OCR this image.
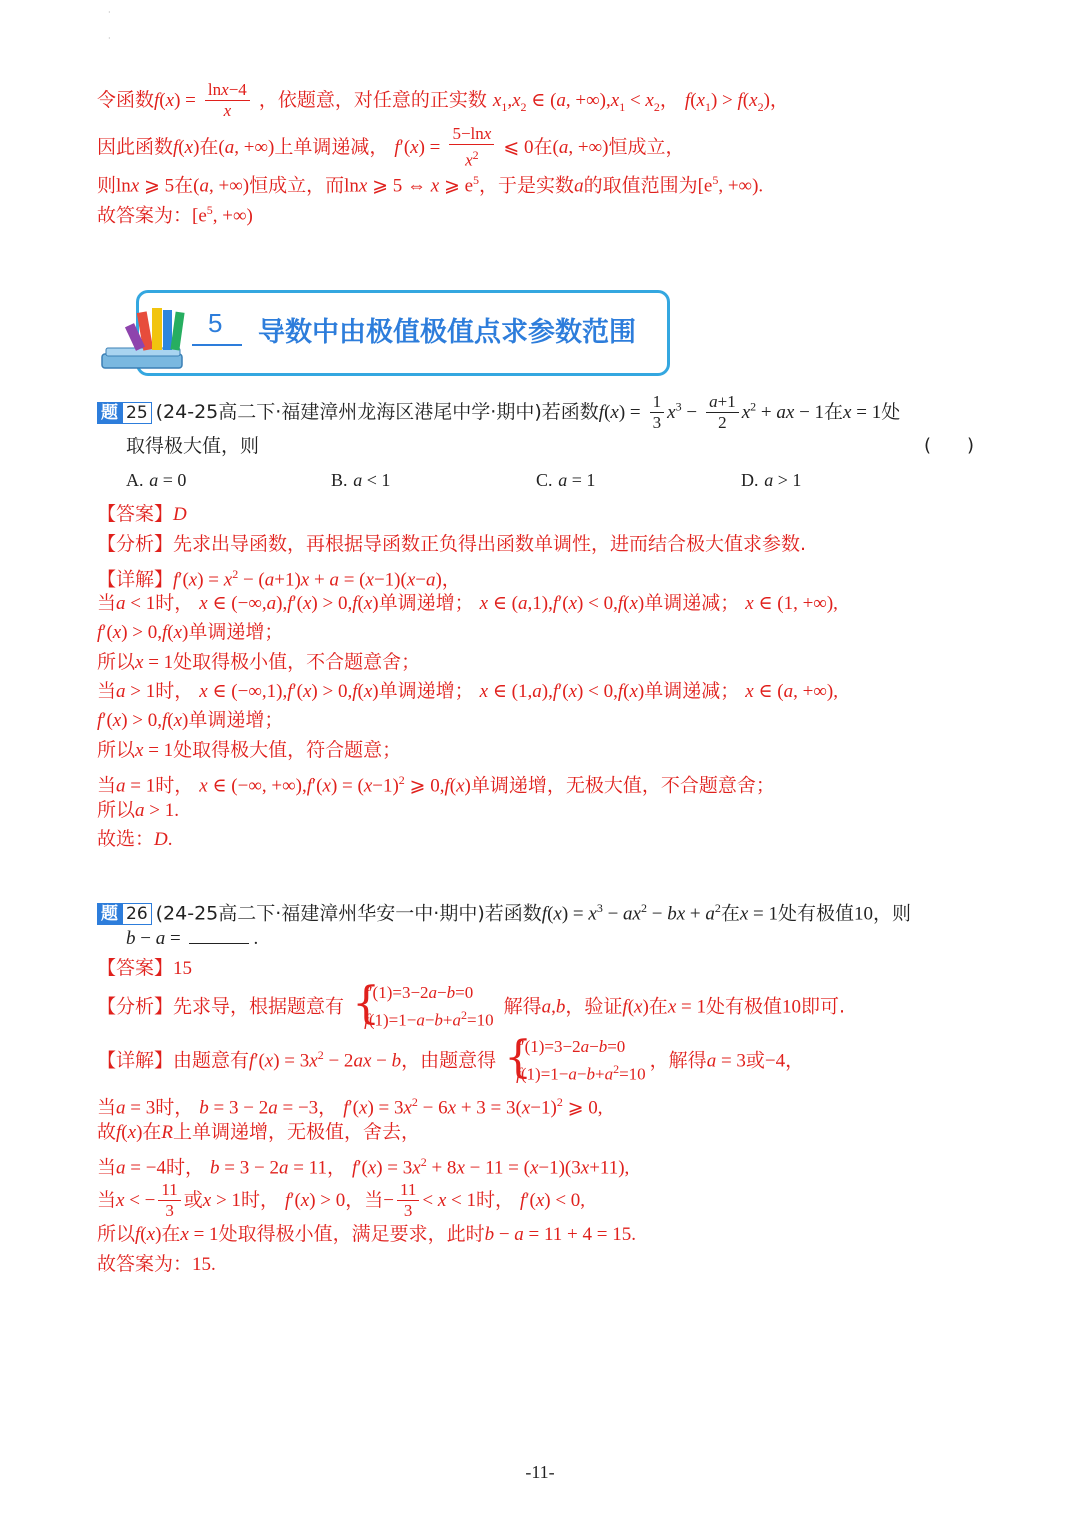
·
·
令函数$f(x) = \frac{\ln x-4}{x}$ ，依题意，对任意的正实数 $x_1,x_2$ ∈ (a, $+\infty),x_1 < x_2$， $f(x_1) > f(x_2)$，
因此函数f(x)在(a, +∞)上单调递减， $f'(x) = \frac{5-\ln x}{x^2}$ ⩽ 0在(a, +∞)恒成立，
则lnx ⩾ 5在(a, +∞)恒成立，而lnx ⩾ 5 ⇔ x ⩾ $e^5$，于是实数a的取值范围为[$e^5$, +∞).
故答案为：[$e^5$, +∞)
5 导数中由极值极值点求参数范围
题 25 (24-25高二下·福建漳州龙海区港尾中学·期中)若函数$f(x) = \frac{1}{3} x^3 - \frac{a+1}{2} x^2$ + ax − 1在x = 1处
取得极大值，则	(　　)
A. a = 0	B. a < 1	C. a = 1	D. a > 1
【答案】D
【分析】先求出导函数，再根据导函数正负得出函数单调性，进而结合极大值求参数.
【详解】$f'(x) = x^2 - (a+1)x + a = (x-1)(x-a)$，
当a < 1时， x ∈ (−∞,a),f′(x) > 0,f(x)单调递增； x ∈ (a,1),f′(x) < 0,f(x)单调递减； x ∈ (1, +∞),
f′(x) > 0,f(x)单调递增；
所以x = 1处取得极小值，不合题意舍；
当a > 1时， x ∈ (−∞,1),f′(x) > 0,f(x)单调递增； x ∈ (1,a),f′(x) < 0,f(x)单调递减； x ∈ (a, +∞),
f′(x) > 0,f(x)单调递增；
所以x = 1处取得极大值，符合题意；
当a = 1时， x ∈ (−∞, $+\infty),f'(x) = (x-1)^2$ ⩾ 0,f(x)单调递增，无极大值，不合题意舍；
所以a > 1.
故选：D.
题 26 (24-25高二下·福建漳州华安一中·期中)若函数$f(x) = x^3 - ax^2$ − bx + $a^2$在x = 1处有极值10，则
b − a =	.
【答案】15
【分析】先求导，根据题意有
{ f′(1)=3−2a−b=0
$f(1)=1-a-b+a^2=10$
解得a,b，验证f(x)在x = 1处有极值10即可.
【详解】由题意有$f'(x) = 3x^2 - 2ax - b$，由题意得
{ f′(1)=3−2a−b=0
$f(1)=1-a-b+a^2=10$
，解得a = 3或−4，
当a = 3时， b = 3 − 2a = −3， $f'(x) = 3x^2 - 6x + 3 = 3(x-1)^2$ ⩾ 0,
故f(x)在R上单调递增，无极值，舍去，
当a = −4时， b = 3 − 2a = 11， $f'(x) = 3x^2 + 8x - 11 = (x-1)(3x+11)$,
当x < − $\frac{11}{3}$ 或x > 1时， f′(x) > 0，当− $\frac{11}{3} < x < 1$时， f′(x) < 0,
所以f(x)在x = 1处取得极小值，满足要求，此时b − a = 11 + 4 = 15.
故答案为：15.
-11-
